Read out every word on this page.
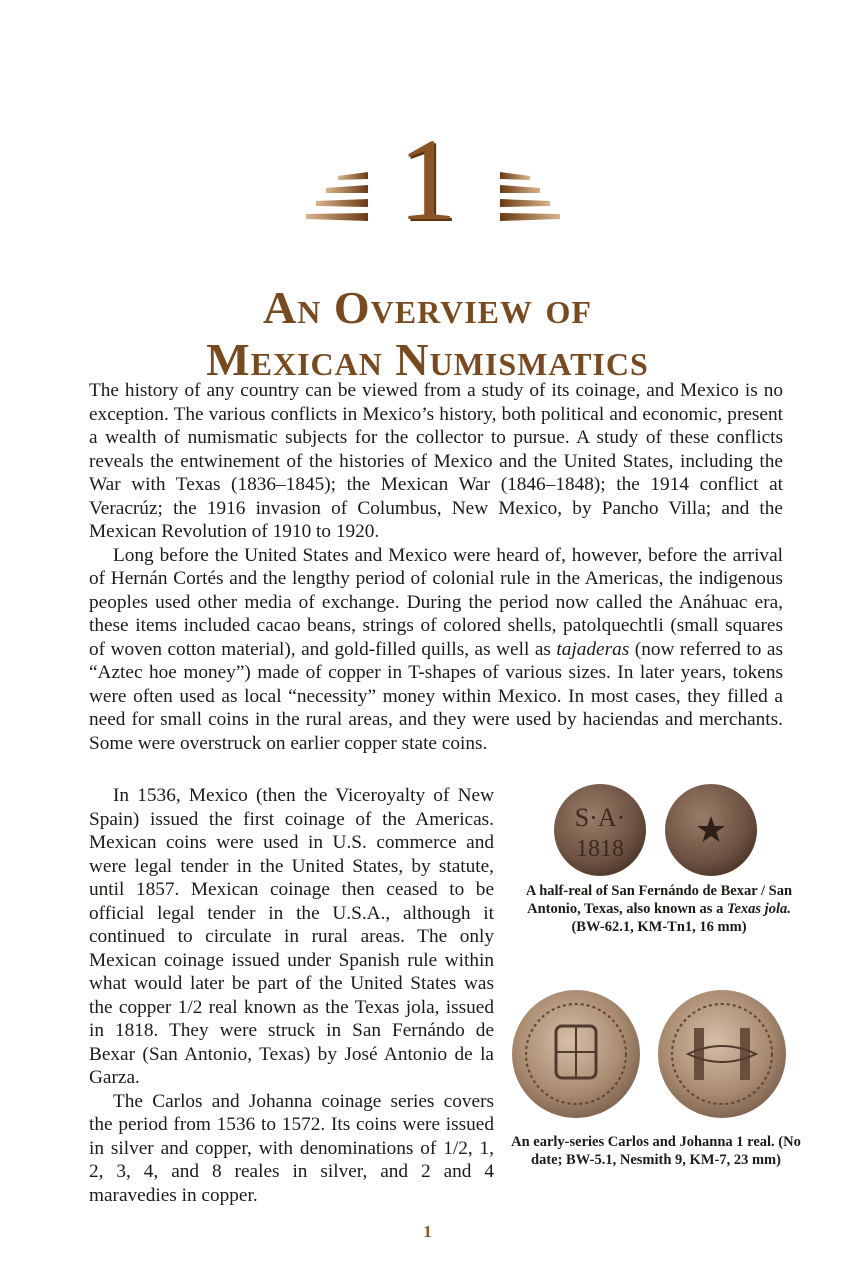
1
An Overview of
Mexican Numismatics

The history of any country can be viewed from a study of its coinage, and Mexico is no exception. The various conflicts in Mexico’s history, both political and economic, present a wealth of numismatic subjects for the collector to pursue. A study of these conflicts reveals the entwinement of the histories of Mexico and the United States, including the War with Texas (1836–1845); the Mexican War (1846–1848); the 1914 conflict at Veracrúz; the 1916 invasion of Columbus, New Mexico, by Pancho Villa; and the Mexican Revolution of 1910 to 1920.

Long before the United States and Mexico were heard of, however, before the arrival of Hernán Cortés and the lengthy period of colonial rule in the Americas, the indigenous peoples used other media of exchange. During the period now called the Anáhuac era, these items included cacao beans, strings of colored shells, patolquechtli (small squares of woven cotton material), and gold-filled quills, as well as tajaderas (now referred to as “Aztec hoe money”) made of copper in T-shapes of various sizes. In later years, tokens were often used as local “necessity” money within Mexico. In most cases, they filled a need for small coins in the rural areas, and they were used by haciendas and merchants. Some were overstruck on earlier copper state coins.

In 1536, Mexico (then the Viceroyalty of New Spain) issued the first coinage of the Americas. Mexican coins were used in U.S. commerce and were legal tender in the United States, by statute, until 1857. Mexican coinage then ceased to be official legal tender in the U.S.A., although it continued to circulate in rural areas. The only Mexican coinage issued under Spanish rule within what would later be part of the United States was the copper 1/2 real known as the Texas jola, issued in 1818. They were struck in San Fernándo de Bexar (San Antonio, Texas) by José Antonio de la Garza.

The Carlos and Johanna coinage series covers the period from 1536 to 1572. Its coins were issued in silver and copper, with denominations of 1/2, 1, 2, 3, 4, and 8 reales in silver, and 2 and 4 maravedies in copper.

S·A·
1818
A half-real of San Fernándo de Bexar / San Antonio, Texas, also known as a Texas jola.
(BW-62.1, KM-Tn1, 16 mm)
An early-series Carlos and Johanna 1 real. (No date; BW-5.1, Nesmith 9, KM-7, 23 mm)
1
